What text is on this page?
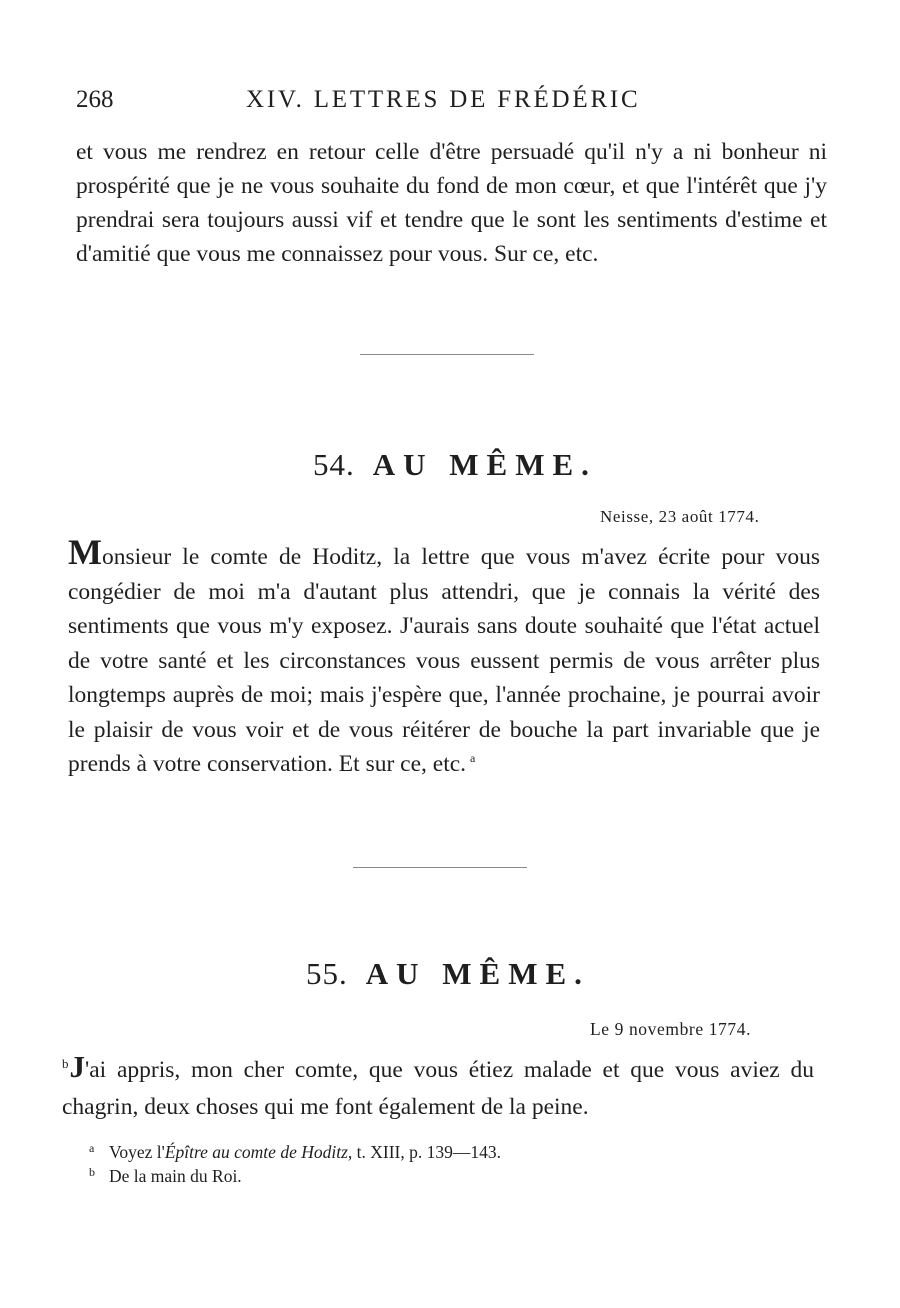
268	XIV. LETTRES DE FRÉDÉRIC

et vous me rendrez en retour celle d'être persuadé qu'il n'y a ni bonheur ni prospérité que je ne vous souhaite du fond de mon cœur, et que l'intérêt que j'y prendrai sera toujours aussi vif et tendre que le sont les sentiments d'estime et d'amitié que vous me connaissez pour vous. Sur ce, etc.

54. AU MÊME.
Neisse, 23 août 1774.

Monsieur le comte de Hoditz, la lettre que vous m'avez écrite pour vous congédier de moi m'a d'autant plus attendri, que je connais la vérité des sentiments que vous m'y exposez. J'aurais sans doute souhaité que l'état actuel de votre santé et les circonstances vous eussent permis de vous arrêter plus longtemps auprès de moi; mais j'espère que, l'année prochaine, je pourrai avoir le plaisir de vous voir et de vous réitérer de bouche la part invariable que je prends à votre conservation. Et sur ce, etc. $^a$

55. AU MÊME.
Le 9 novembre 1774.

$^b$J'ai appris, mon cher comte, que vous étiez malade et que vous aviez du chagrin, deux choses qui me font également de la peine.

a Voyez l'Épître au comte de Hoditz, t. XIII, p. 139—143.
b De la main du Roi.
